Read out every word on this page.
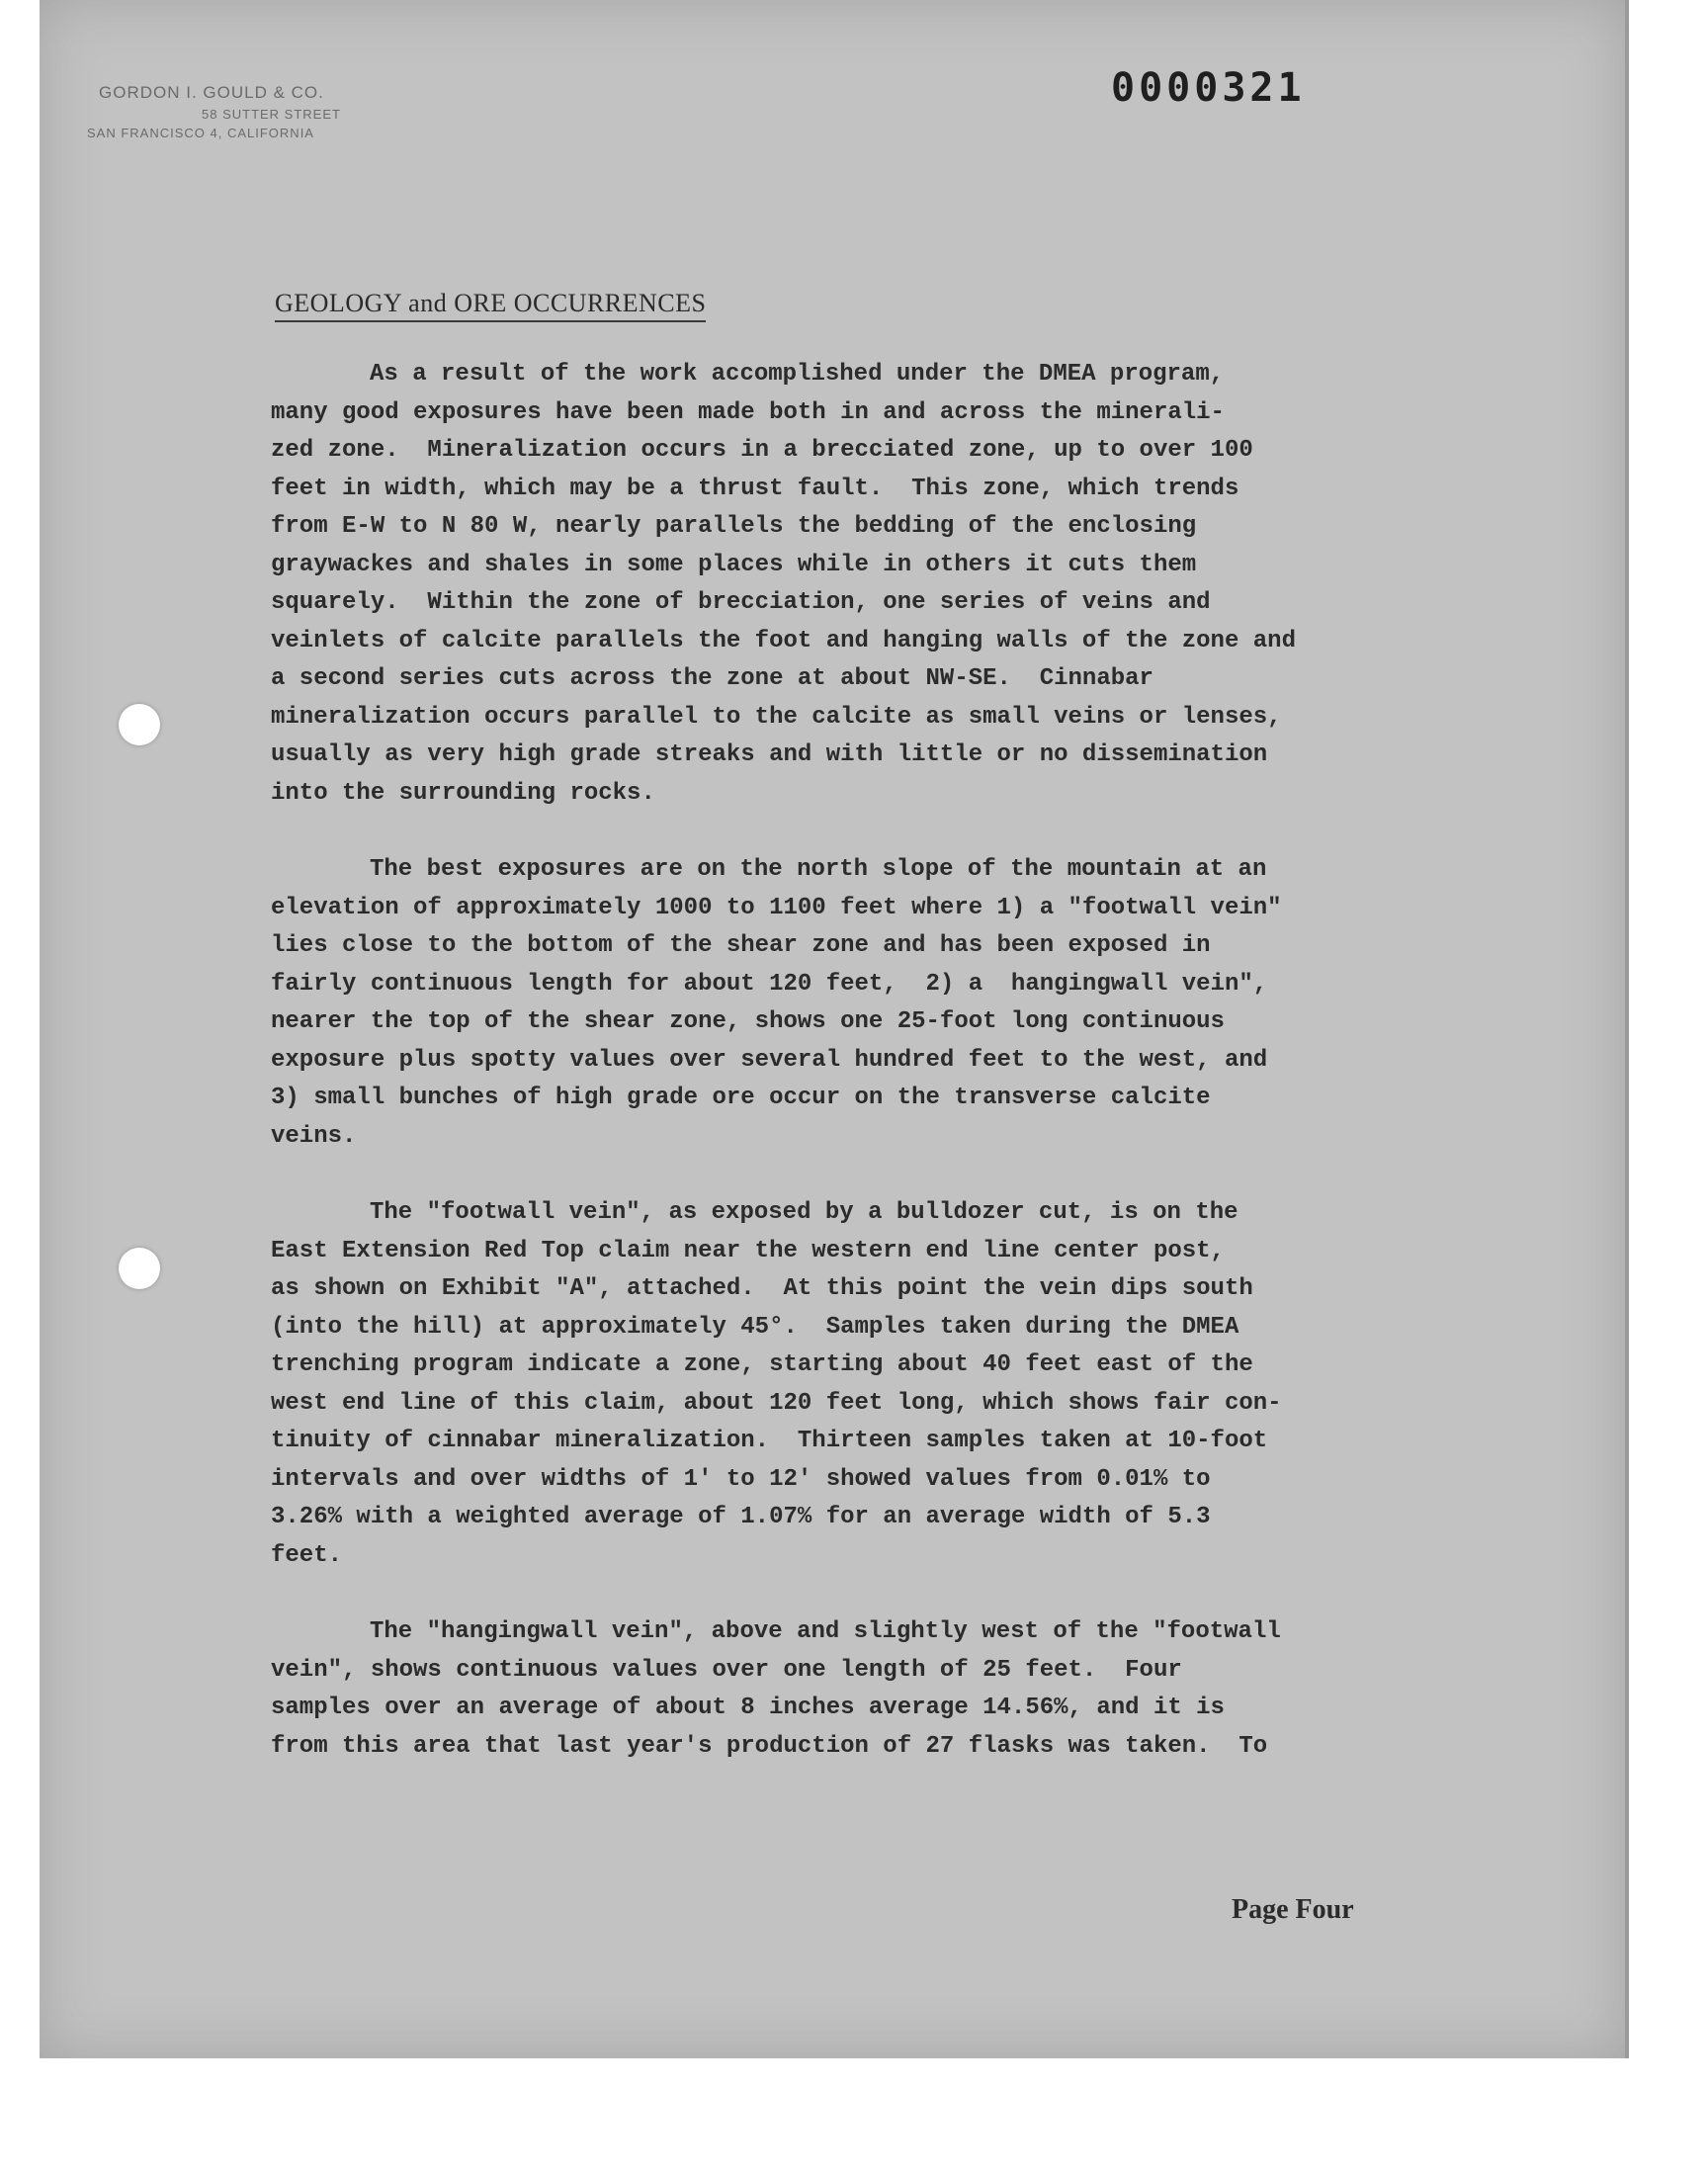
GORDON I. GOULD & CO.
58 SUTTER STREET
SAN FRANCISCO 4, CALIFORNIA
0000321
GEOLOGY and ORE OCCURRENCES

As a result of the work accomplished under the DMEA program,
many good exposures have been made both in and across the minerali-
zed zone.  Mineralization occurs in a brecciated zone, up to over 100
feet in width, which may be a thrust fault.  This zone, which trends
from E-W to N 80 W, nearly parallels the bedding of the enclosing
graywackes and shales in some places while in others it cuts them
squarely.  Within the zone of brecciation, one series of veins and
veinlets of calcite parallels the foot and hanging walls of the zone and
a second series cuts across the zone at about NW-SE.  Cinnabar
mineralization occurs parallel to the calcite as small veins or lenses,
usually as very high grade streaks and with little or no dissemination
into the surrounding rocks.

The best exposures are on the north slope of the mountain at an
elevation of approximately 1000 to 1100 feet where 1) a "footwall vein"
lies close to the bottom of the shear zone and has been exposed in
fairly continuous length for about 120 feet,  2) a  hangingwall vein",
nearer the top of the shear zone, shows one 25-foot long continuous
exposure plus spotty values over several hundred feet to the west, and
3) small bunches of high grade ore occur on the transverse calcite
veins.

The "footwall vein", as exposed by a bulldozer cut, is on the
East Extension Red Top claim near the western end line center post,
as shown on Exhibit "A", attached.  At this point the vein dips south
(into the hill) at approximately 45°.  Samples taken during the DMEA
trenching program indicate a zone, starting about 40 feet east of the
west end line of this claim, about 120 feet long, which shows fair con-
tinuity of cinnabar mineralization.  Thirteen samples taken at 10-foot
intervals and over widths of 1' to 12' showed values from 0.01% to
3.26% with a weighted average of 1.07% for an average width of 5.3
feet.

The "hangingwall vein", above and slightly west of the "footwall
vein", shows continuous values over one length of 25 feet.  Four
samples over an average of about 8 inches average 14.56%, and it is
from this area that last year's production of 27 flasks was taken.  To

Page Four
